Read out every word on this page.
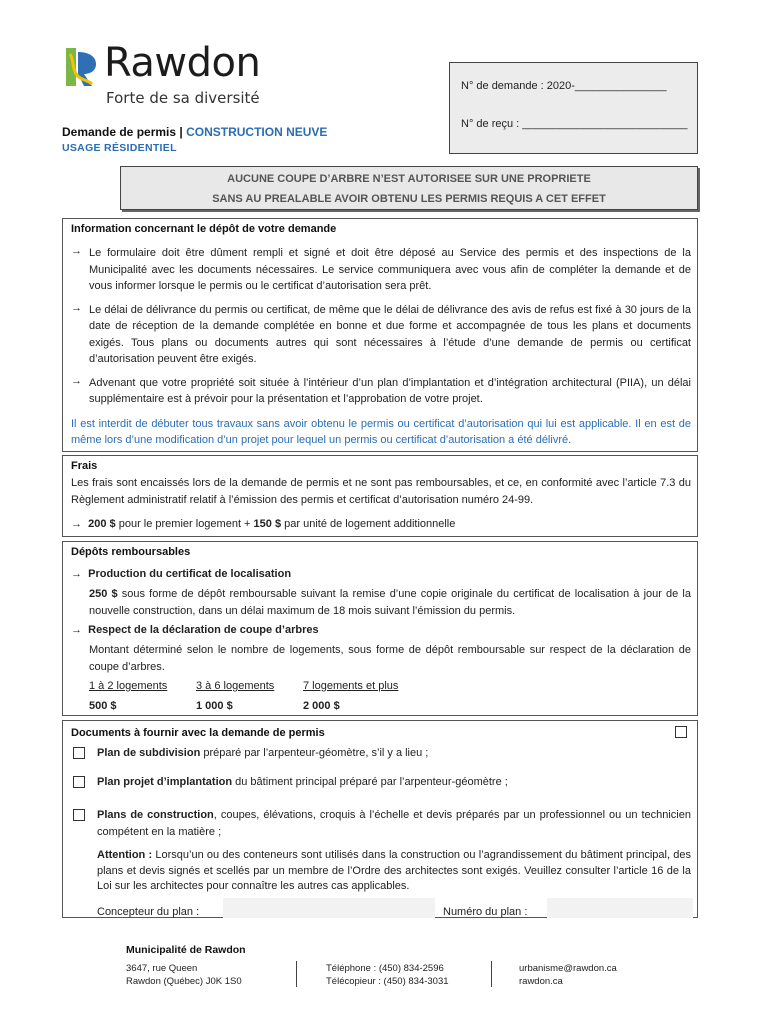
Rawdon
Forte de sa diversité
N° de demande : 2020-_______________
N° de reçu : ___________________________
Demande de permis | CONSTRUCTION NEUVE
USAGE RÉSIDENTIEL
AUCUNE COUPE D’ARBRE N’EST AUTORISEE SUR UNE PROPRIETE
SANS AU PREALABLE AVOIR OBTENU LES PERMIS REQUIS A CET EFFET
Information concernant le dépôt de votre demande
→ Le formulaire doit être dûment rempli et signé et doit être déposé au Service des permis et des inspections de la Municipalité avec les documents nécessaires. Le service communiquera avec vous afin de compléter la demande et de vous informer lorsque le permis ou le certificat d’autorisation sera prêt.
→ Le délai de délivrance du permis ou certificat, de même que le délai de délivrance des avis de refus est fixé à 30 jours de la date de réception de la demande complétée en bonne et due forme et accompagnée de tous les plans et documents exigés. Tous plans ou documents autres qui sont nécessaires à l’étude d’une demande de permis ou certificat d’autorisation peuvent être exigés.
→ Advenant que votre propriété soit située à l’intérieur d’un plan d’implantation et d’intégration architectural (PIIA), un délai supplémentaire est à prévoir pour la présentation et l’approbation de votre projet.
Il est interdit de débuter tous travaux sans avoir obtenu le permis ou certificat d’autorisation qui lui est applicable. Il en est de même lors d’une modification d’un projet pour lequel un permis ou certificat d’autorisation a été délivré.
Frais
Les frais sont encaissés lors de la demande de permis et ne sont pas remboursables, et ce, en conformité avec l’article 7.3 du Règlement administratif relatif à l’émission des permis et certificat d’autorisation numéro 24-99.
→  200 $ pour le premier logement + 150 $ par unité de logement additionnelle
Dépôts remboursables
→  Production du certificat de localisation
250 $ sous forme de dépôt remboursable suivant la remise d’une copie originale du certificat de localisation à jour de la nouvelle construction, dans un délai maximum de 18 mois suivant l’émission du permis.
→  Respect de la déclaration de coupe d’arbres
Montant déterminé selon le nombre de logements, sous forme de dépôt remboursable sur respect de la déclaration de coupe d’arbres.
1 à 2 logements	3 à 6 logements	7 logements et plus
500 $	1 000 $	2 000 $
Documents à fournir avec la demande de permis
Plan de subdivision préparé par l’arpenteur-géomètre, s’il y a lieu ;
Plan projet d’implantation du bâtiment principal préparé par l’arpenteur-géomètre ;
Plans de construction, coupes, élévations, croquis à l’échelle et devis préparés par un professionnel ou un technicien compétent en la matière ;
Attention : Lorsqu’un ou des conteneurs sont utilisés dans la construction ou l’agrandissement du bâtiment principal, des plans et devis signés et scellés par un membre de l’Ordre des architectes sont exigés. Veuillez consulter l’article 16 de la Loi sur les architectes pour connaître les autres cas applicables.
Concepteur du plan :	Numéro du plan :
Municipalité de Rawdon
3647, rue Queen
Rawdon (Québec) J0K 1S0
Téléphone : (450) 834-2596
Télécopieur : (450) 834-3031
urbanisme@rawdon.ca
rawdon.ca
